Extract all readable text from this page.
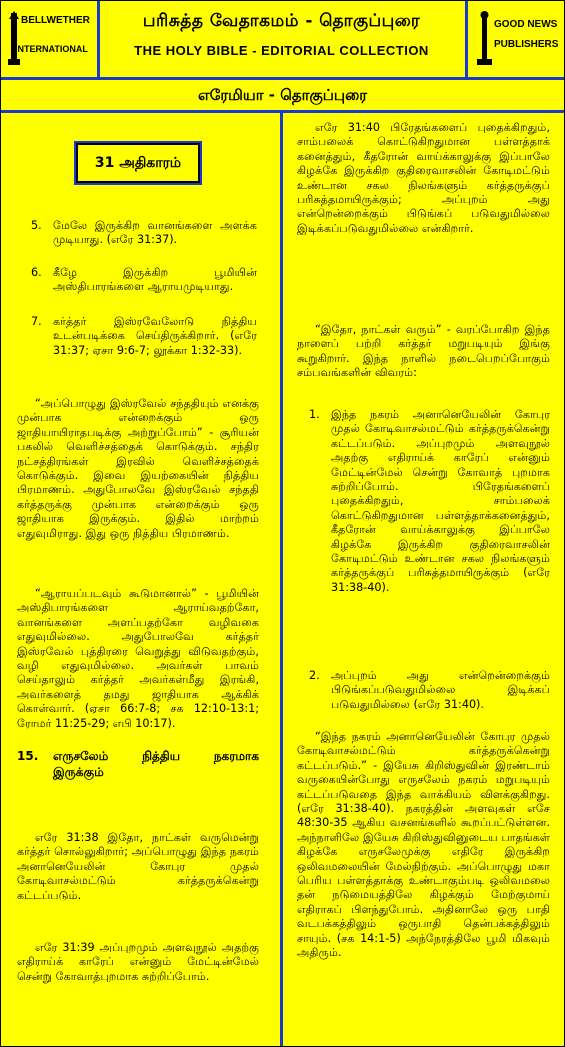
BELLWETHER
INTERNATIONAL
பரிசுத்த வேதாகமம் - தொகுப்புரை
THE HOLY BIBLE - EDITORIAL COLLECTION
GOOD NEWS
PUBLISHERS
எரேமியா - தொகுப்புரை
31 அதிகாரம்
5. மேலே இருக்கிற வானங்களை அளக்க முடியாது. (எரே 31:37).
6. கீழே இருக்கிற பூமியின் அஸ்திபாரங்களை ஆராயமுடியாது.
7. கர்த்தர் இஸ்ரவேலோடு நித்திய உடன்படிக்கை செய்திருக்கிறார். (எரே 31:37; ஏசா 9:6-7; லூக்கா 1:32-33).
“அப்பொழுது இஸ்ரவேல் சந்ததியும் எனக்கு முன்பாக என்றைக்கும் ஒரு ஜாதியாயிராதபடிக்கு அற்றுப்போம்” - சூரியன் பகலில் வெளிச்சத்தைக் கொடுக்கும். சந்திர நட்சத்திரங்கள் இரவில் வெளிச்சத்தைக் கொடுக்கும். இவை இயற்கையின் நித்திய பிரமாணம். அதுபோலவே இஸ்ரவேல் சந்ததி கர்த்தருக்கு முன்பாக என்றைக்கும் ஒரு ஜாதியாக இருக்கும். இதில் மாற்றம் எதுவுமிராது. இது ஒரு நித்திய பிரமாணம்.
“ஆராயப்படவும் கூடுமானால்” - பூமியின் அஸ்திபாரங்களை ஆராய்வதற்கோ, வானங்களை அளப்பதற்கோ வழிவகை எதுவுமில்லை. அதுபோலவே கர்த்தர் இஸ்ரவேல் புத்திரரை வெறுத்து விடுவதற்கும், வழி எதுவுமில்லை. அவர்கள் பாவம் செய்தாலும் கர்த்தர் அவர்கள்மீது இரங்கி, அவர்களைத் தமது ஜாதியாக ஆக்கிக் கொள்வார். (ஏசா 66:7-8; சக 12:10-13:1; ரோமர் 11:25-29; எபி 10:17).
15. எருசலேம் நித்திய நகரமாக
இருக்கும்
எரே 31:38 இதோ, நாட்கள் வருமென்று கர்த்தர் சொல்லுகிறார்; அப்பொழுது இந்த நகரம் அனானெயேலின் கோபுர முதல் கோடிவாசல்மட்டும் கர்த்தருக்கென்று கட்டப்படும்.
எரே 31:39 அப்புறமும் அளவுநூல் அதற்கு எதிராய்க் காரேப் என்னும் மேட்டின்மேல் சென்று கோவாத்புறமாக சுற்றிப்போம்.
எரே 31:40 பிரேதங்களைப் புதைக்கிறதும், சாம்பலைக் கொட்டுகிறதுமான பள்ளத்தாக் கனைத்தும், கீதரோன் வாய்க்காலுக்கு இப்பாலே கிழக்கே இருக்கிற குதிரைவாசலின் கோடிமட்டும் உண்டான சகல நிலங்களும் கர்த்தருக்குப் பரிசுத்தமாயிருக்கும்; அப்புறம் அது என்றென்றைக்கும் பிடுங்கப் படுவதுமில்லை இடிக்கப்படுவதுமில்லை என்கிறார்.
“இதோ, நாட்கள் வரும்” - வரப்போகிற இந்த நாளைப் பற்றி கர்த்தர் மறுபடியும் இங்கு கூறுகிறார். இந்த நாளில் நடைபெறப்போகும் சம்பவங்களின் விவரம்:
1. இந்த நகரம் அனானெயேலின் கோபுர முதல் கோடிவாசல்மட்டும் கர்த்தருக்கென்று கட்டப்படும். அப்புறமும் அளவுநூல் அதற்கு எதிராய்க் காரேப் என்னும் மேட்டின்மேல் சென்று கோவாத் புறமாக சுற்றிப்போம். பிரேதங்களைப் புதைக்கிறதும், சாம்பலைக் கொட்டுகிறதுமான பள்ளத்தாக்கனைத்தும், கீதரோன் வாய்க்காலுக்கு இப்பாலே கிழக்கே இருக்கிற குதிரைவாசலின் கோடிமட்டும் உண்டான சகல நிலங்களும் கர்த்தருக்குப் பரிசுத்தமாயிருக்கும் (எரே 31:38-40).
2. அப்புறம் அது என்றென்றைக்கும் பிடுங்கப்படுவதுமில்லை இடிக்கப் படுவதுமில்லை (எரே 31:40).
“இந்த நகரம் அனானெயேலின் கோபுர முதல் கோடிவாசல்மட்டும் கர்த்தருக்கென்று கட்டப்படும்.” - இயேசு கிறிஸ்துவின் இரண்டாம் வருகையின்போது எருசலேம் நகரம் மறுபடியும் கட்டப்படுவதை இந்த வாக்கியம் விளக்குகிறது. (எரே 31:38-40). நகரத்தின் அளவுகள் எசே 48:30-35 ஆகிய வசனங்களில் கூறப்பட்டுள்ளன. அந்நாளிலே இயேசு கிறிஸ்துவினுடைய பாதங்கள் கிழக்கே எருசலேமுக்கு எதிரே இருக்கிற ஒலிவமலையின் மேல்நிற்கும். அப்பொழுது மகா பெரிய பள்ளத்தாக்கு உண்டாகும்படி ஒலிவமலை தன் நடுமையத்திலே கிழக்கும் மேற்குமாய் எதிராகப் பிளந்துபோம். அதினாலே ஒரு பாதி வடபக்கத்திலும் ஒருபாதி தென்பக்கத்திலும் சாயும். (சக 14:1-5) அந்நேரத்திலே பூமி மிகவும் அதிரும்.
